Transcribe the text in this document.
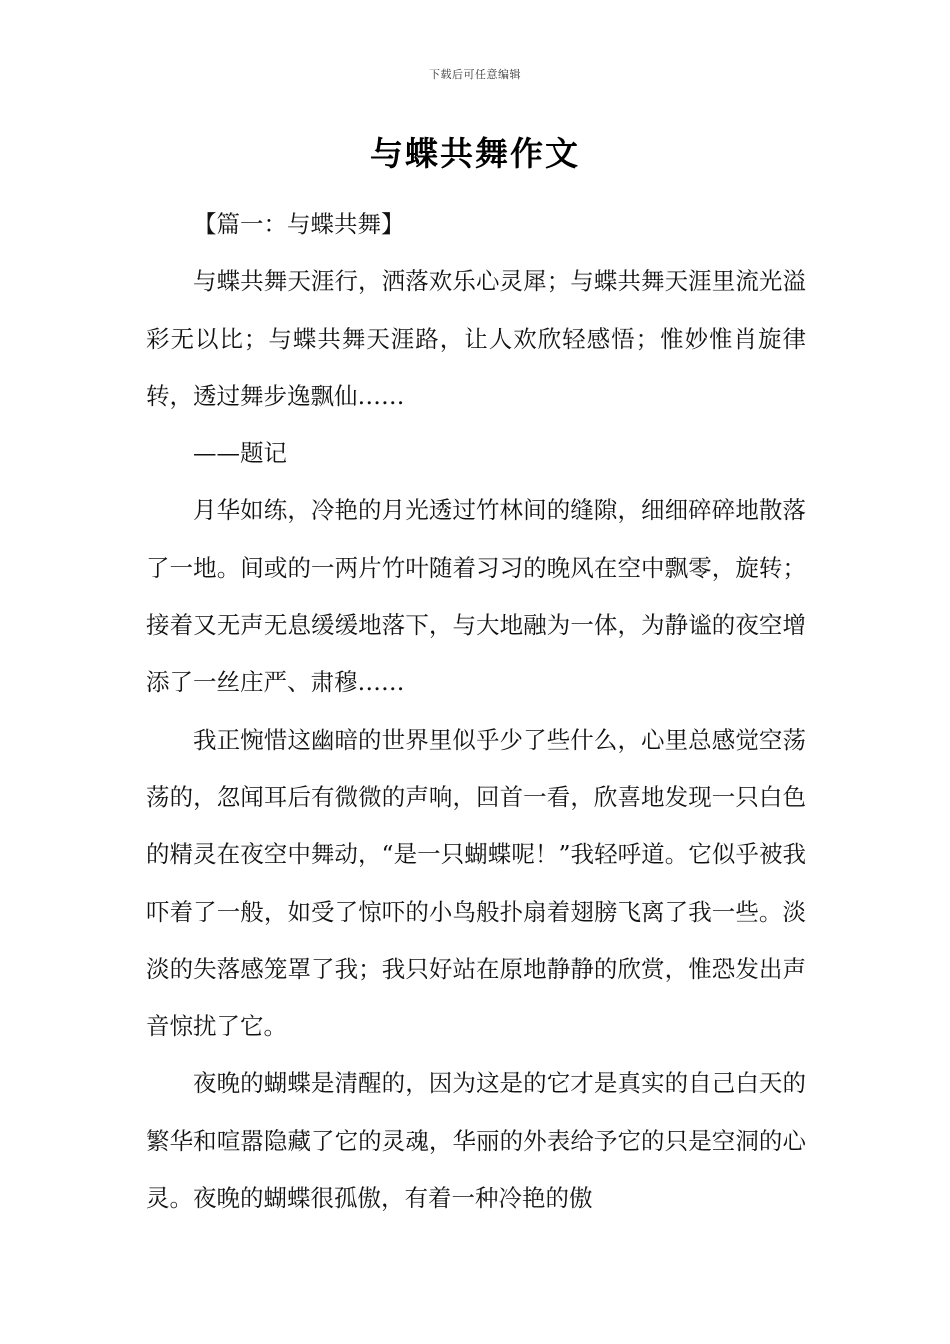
下载后可任意编辑
与蝶共舞作文

【篇一：与蝶共舞】

与蝶共舞天涯行，洒落欢乐心灵犀；与蝶共舞天涯里流光溢彩无以比；与蝶共舞天涯路，让人欢欣轻感悟；惟妙惟肖旋律转，透过舞步逸飘仙……

——题记

月华如练，冷艳的月光透过竹林间的缝隙，细细碎碎地散落了一地。间或的一两片竹叶随着习习的晚风在空中飘零，旋转；接着又无声无息缓缓地落下，与大地融为一体，为静谧的夜空增添了一丝庄严、肃穆……

我正惋惜这幽暗的世界里似乎少了些什么，心里总感觉空荡荡的，忽闻耳后有微微的声响，回首一看，欣喜地发现一只白色的精灵在夜空中舞动，“是一只蝴蝶呢！”我轻呼道。它似乎被我吓着了一般，如受了惊吓的小鸟般扑扇着翅膀飞离了我一些。淡淡的失落感笼罩了我；我只好站在原地静静的欣赏，惟恐发出声音惊扰了它。

夜晚的蝴蝶是清醒的，因为这是的它才是真实的自己白天的繁华和喧嚣隐藏了它的灵魂，华丽的外表给予它的只是空洞的心灵。夜晚的蝴蝶很孤傲，有着一种冷艳的傲
